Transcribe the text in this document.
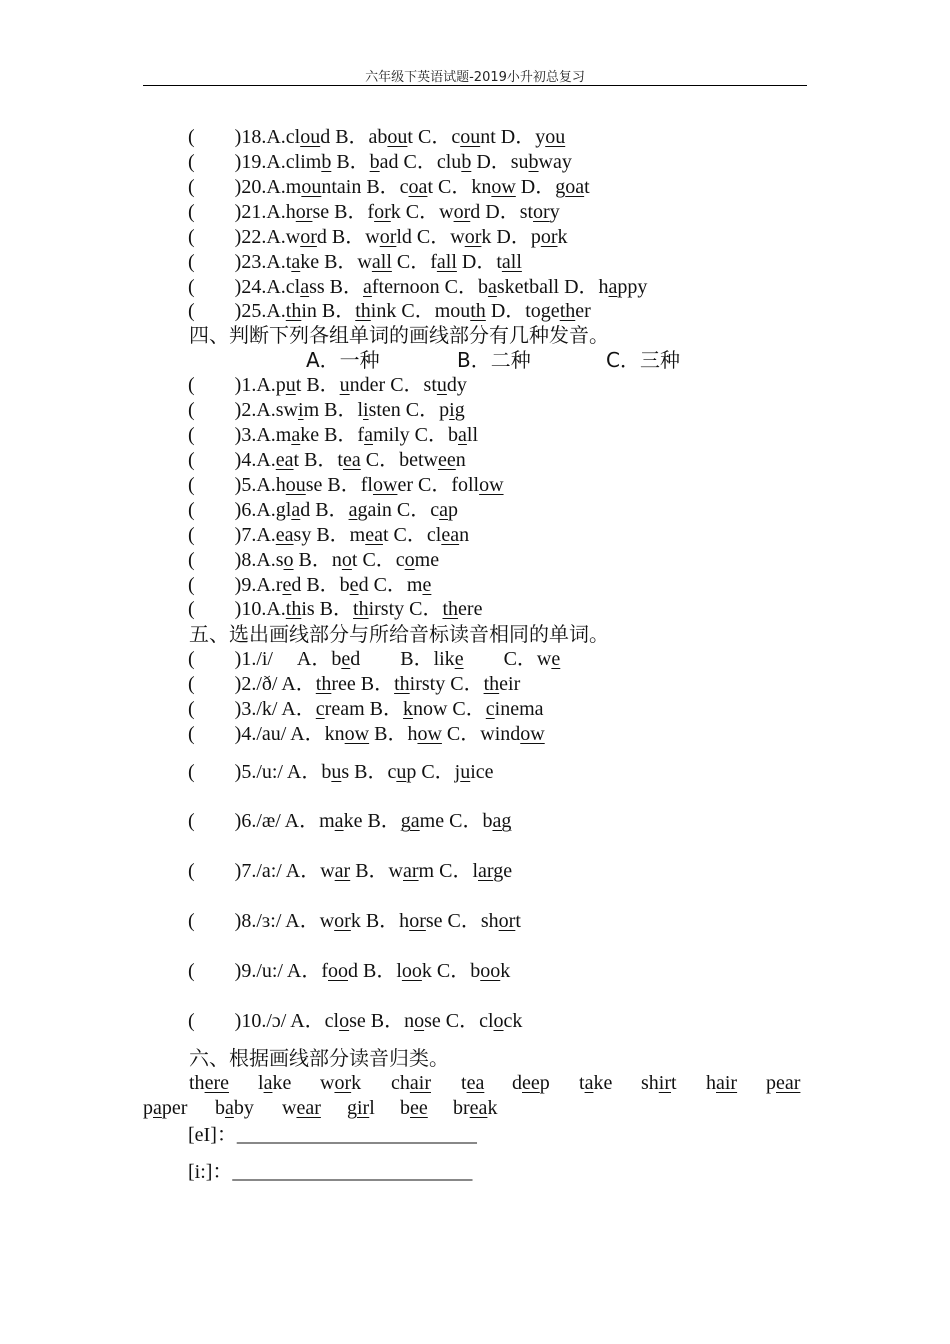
六年级下英语试题-2019小升初总复习
(　　)18.A.cloud B．about C．count D．you
(　　)19.A.climb B．bad C．club D．subway
(　　)20.A.mountain B．coat C．know D．goat
(　　)21.A.horse B．fork C．word D．story
(　　)22.A.word B．world C．work D．pork
(　　)23.A.take B．wall C．fall D．tall
(　　)24.A.class B．afternoon C．basketball D．happy
(　　)25.A.thin B．think C．mouth D．together
四、判断下列各组单词的画线部分有几种发音。
A．一种	B．二种	C．三种
(　　)1.A.put B．under C．study
(　　)2.A.swim B．listen C．pig
(　　)3.A.make B．family C．ball
(　　)4.A.eat B．tea C．between
(　　)5.A.house B．flower C．follow
(　　)6.A.glad B．again C．cap
(　　)7.A.easy B．meat C．clean
(　　)8.A.so B．not C．come
(　　)9.A.red B．bed C．me
(　　)10.A.this B．thirsty C．there
五、选出画线部分与所给音标读音相同的单词。
(　　)1./i/　 A．bed　　B．like　　C．we
(　　)2./ð/ A．three B．thirsty C．their
(　　)3./k/ A．cream B．know C．cinema
(　　)4./au/ A．know B．how C．window
(　　)5./u:/ A．bus B．cup C．juice
(　　)6./æ/ A．make B．game C．bag
(　　)7./a:/ A．war B．warm C．large
(　　)8./ɜ:/ A．work B．horse C．short
(　　)9./u:/ A．food B．look C．book
(　　)10./ɔ/ A．close B．nose C．clock
六、根据画线部分读音归类。
there lake work chair tea deep take shirt hair pear
paper baby wear girl bee break
[eI]：________________________
[i:]：________________________
